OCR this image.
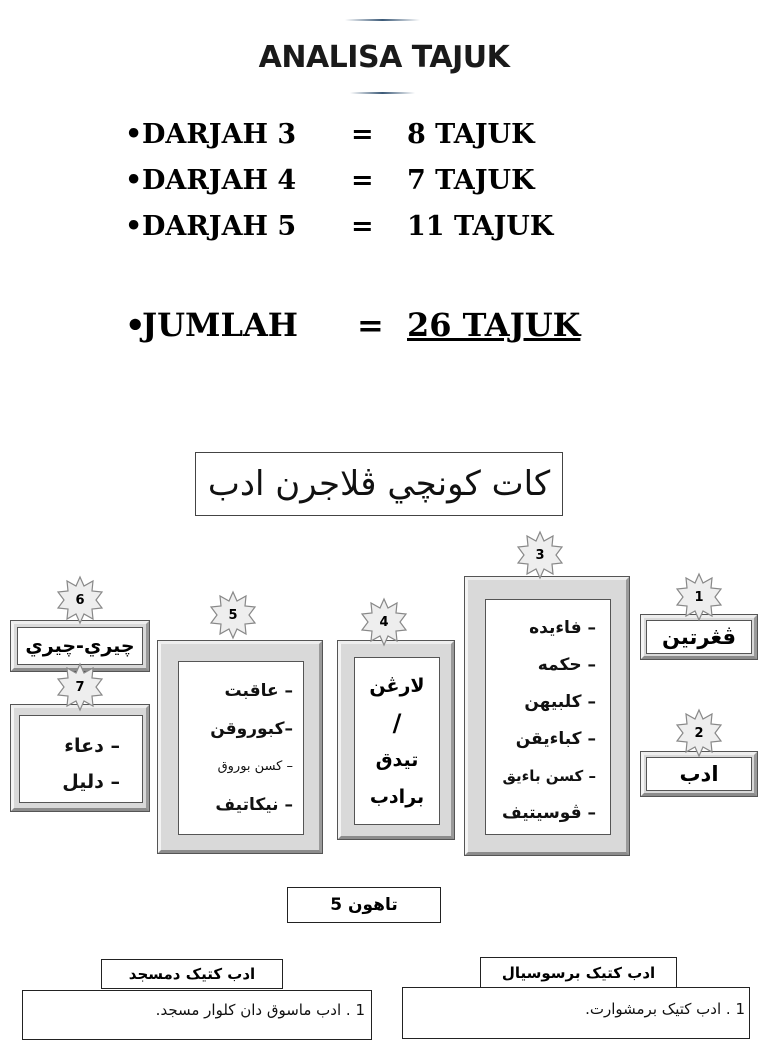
ANALISA TAJUK
• DARJAH 3 = 8 TAJUK
• DARJAH 4 = 7 TAJUK
• DARJAH 5 = 11 TAJUK
•
JUMLAH = 26 TAJUK
كات كونچي ڤلاجرن ادب
ڤڠرتين
1
ادب
2
– فاءيده
– حكمه
– كلبيهن
– كباءيقن
– كسن باءيق
– ڤوسيتيف
3
لارڠن
/
تيدق
برادب
4
– عاقبت
–كبوروقن
– كسن بوروق
– نيكاتيف
5
چيري-چيري
6
– دعاء
– دليل
7
تاهون 5
ادب كتيک دمسجد	ادب كتيک برسوسيال
1 . ادب ماسوق دان كلوار مسجد.	1 . ادب كتيک برمشوارت.
